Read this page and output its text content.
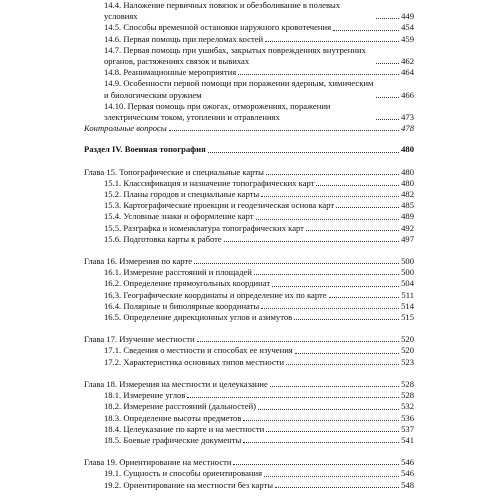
14.4. Наложение первичных повязок и обезболивание в полевых условиях	449
14.5. Способы временной остановки наружного кровотечения	454
14.6. Первая помощь при переломах костей	459
14.7. Первая помощь при ушибах, закрытых повреждениях внутренних органов, растяжениях связок и вывихах	462
14.8. Реанимационные мероприятия	464
14.9. Особенности первой помощи при поражении ядерным, химическим и биологическим оружием	466
14.10. Первая помощь при ожогах, отморожениях, поражении электрическим током, утоплении и отравлениях	473
Контрольные вопросы	478
Раздел IV. Военная топография	480
Глава 15. Топографические и специальные карты	480
15.1. Классификация и назначение топографических карт	480
15.2. Планы городов и специальные карты	482
15.3. Картографические проекции и геодезическая основа карт	485
15.4. Условные знаки и оформление карт	489
15.5. Разграфка и номенклатура топографических карт	492
15.6. Подготовка карты к работе	497
Глава 16. Измерения по карте	500
16.1. Измерение расстояний и площадей	500
16.2. Определение прямоугольных координат	504
16.3. Географические координаты и определение их по карте	511
16.4. Полярные и биполярные координаты	514
16.5. Определение дирекционных углов и азимутов	515
Глава 17. Изучение местности	520
17.1. Сведения о местности и способах ее изучения	520
17.2. Характеристика основных типов местности	523
Глава 18. Измерения на местности и целеуказание	528
18.1. Измерение углов	528
18.2. Измерение расстояний (дальностей)	532
18.3. Определение высоты предметов	536
18.4. Целеуказание по карте и на местности	537
18.5. Боевые графические документы	541
Глава 19. Ориентирование на местности	546
19.1. Сущность и способы ориентирования	546
19.2. Ориентирование на местности без карты	548
